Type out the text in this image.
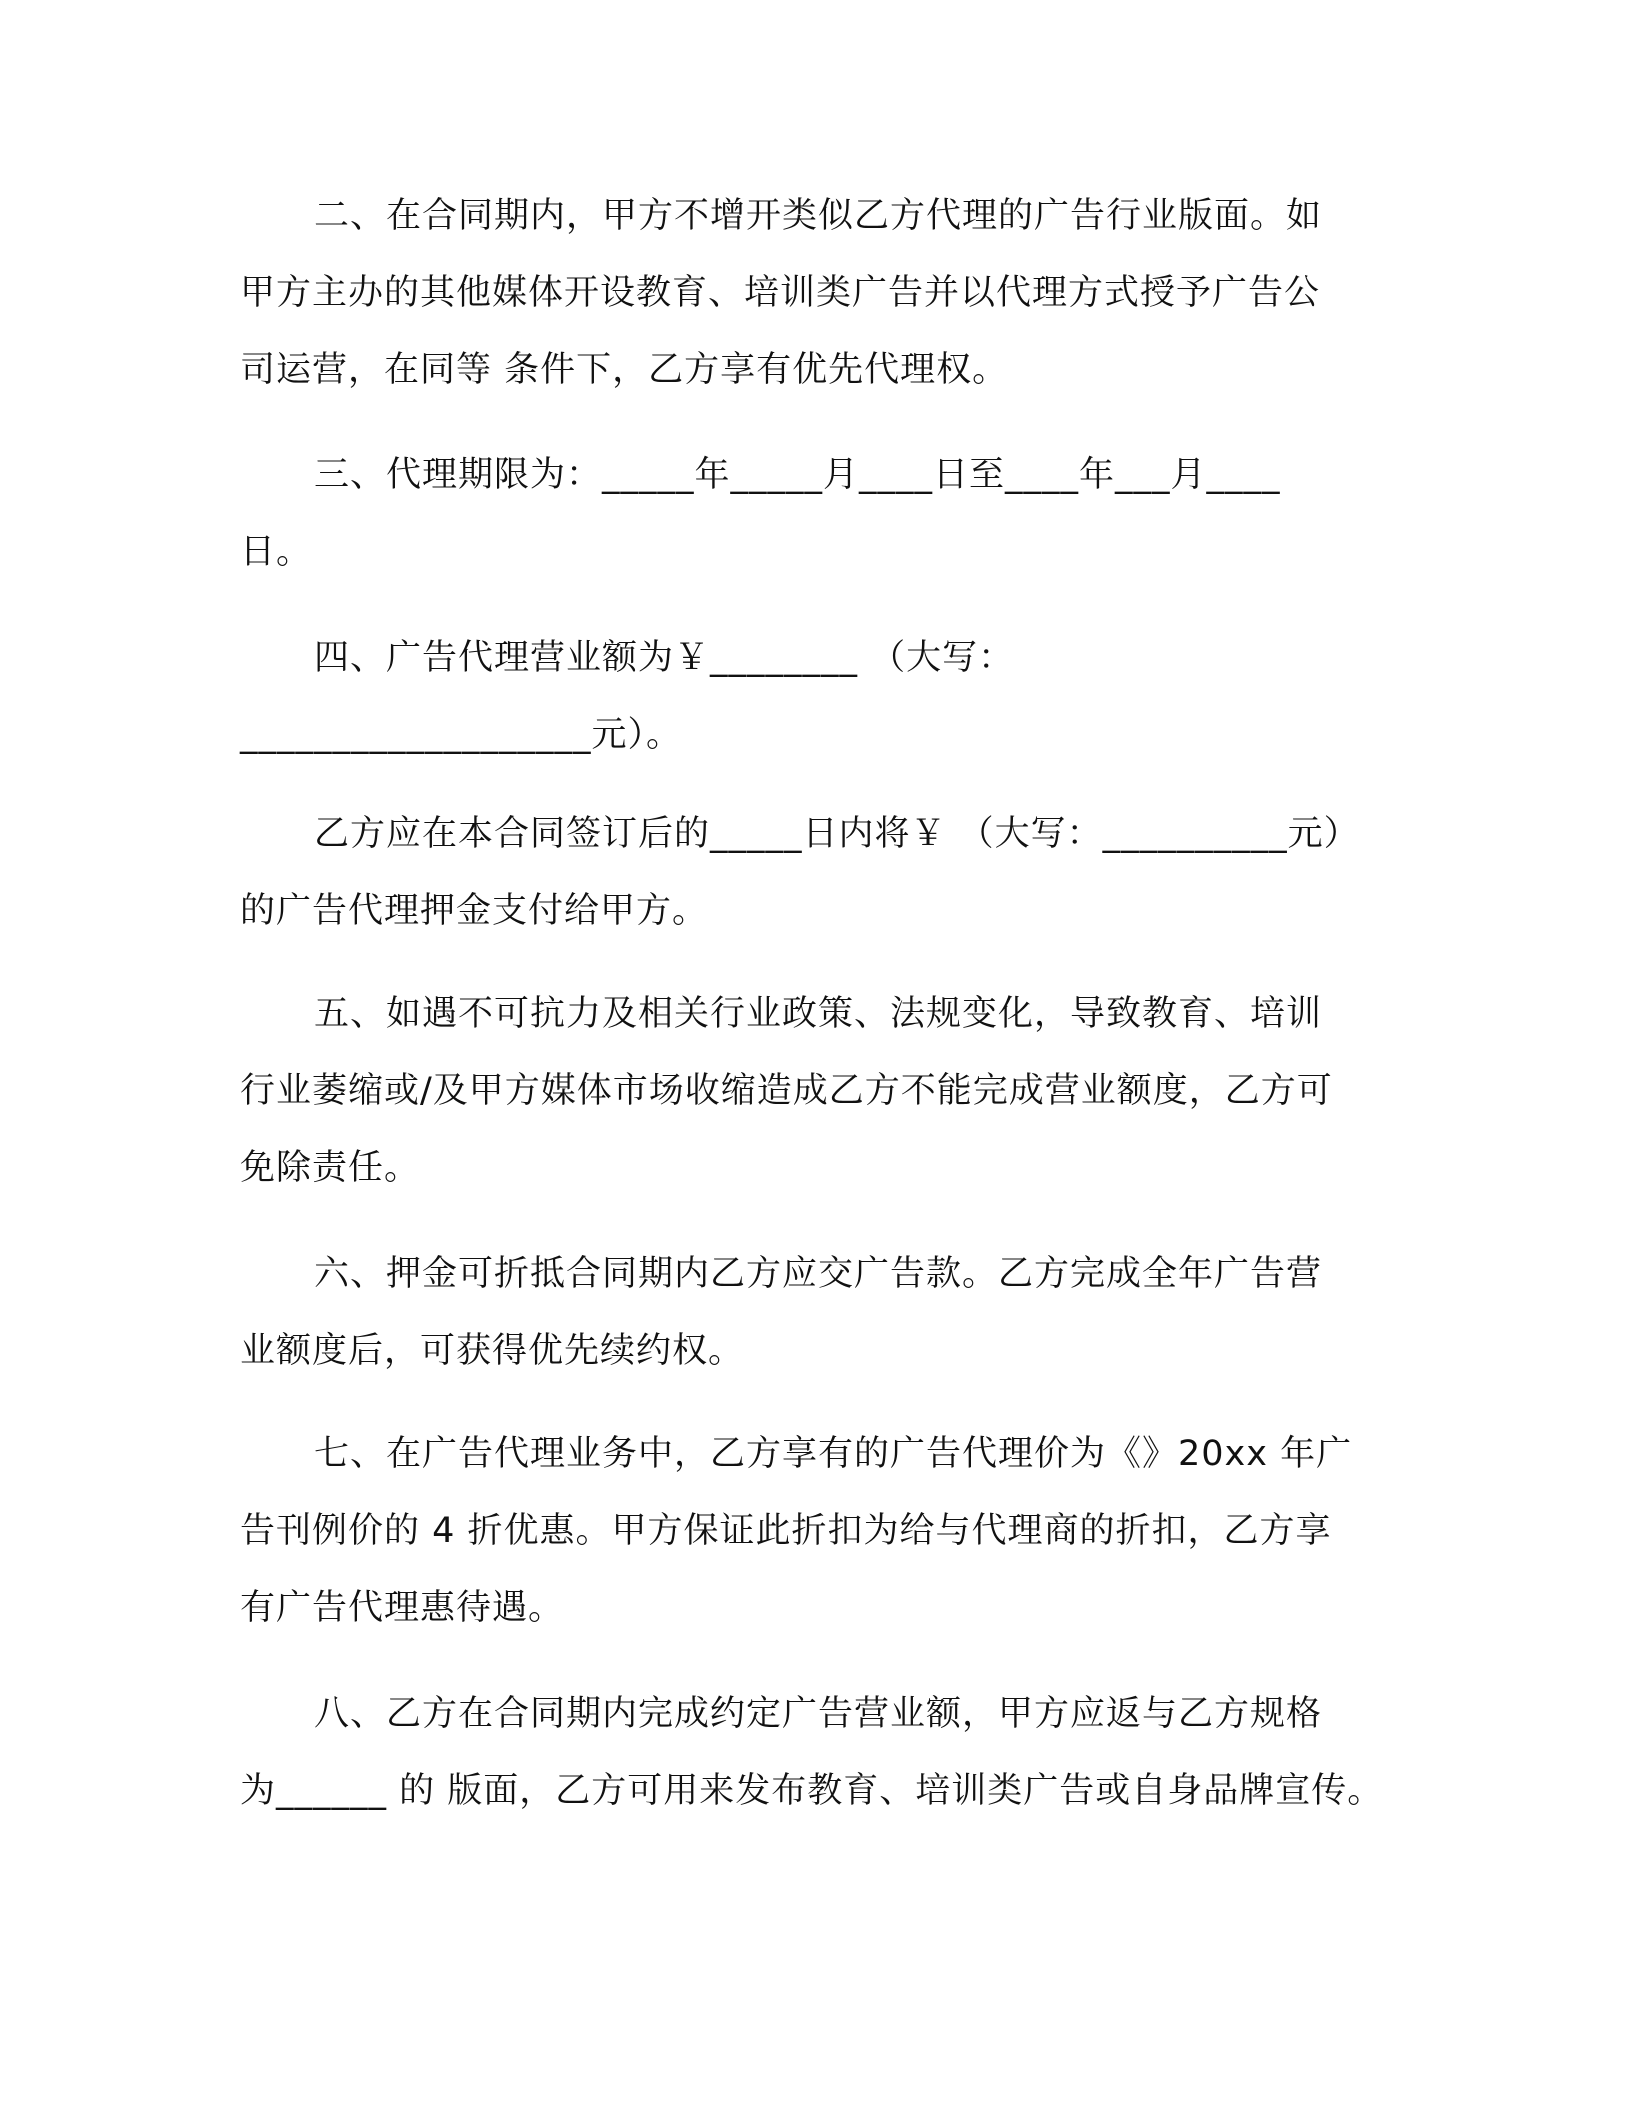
二、在合同期内，甲方不增开类似乙方代理的广告行业版面。如
甲方主办的其他媒体开设教育、培训类广告并以代理方式授予广告公
司运营，在同等 条件下，乙方享有优先代理权。

三、代理期限为：_____年_____月____日至____年___月____
日。

四、广告代理营业额为￥________ （大写：
___________________元）。

乙方应在本合同签订后的_____日内将￥ （大写：__________元）
的广告代理押金支付给甲方。

五、如遇不可抗力及相关行业政策、法规变化，导致教育、培训
行业萎缩或/及甲方媒体市场收缩造成乙方不能完成营业额度，乙方可
免除责任。

六、押金可折抵合同期内乙方应交广告款。乙方完成全年广告营
业额度后，可获得优先续约权。

七、在广告代理业务中，乙方享有的广告代理价为《》20xx 年广
告刊例价的 4 折优惠。甲方保证此折扣为给与代理商的折扣，乙方享
有广告代理惠待遇。

八、乙方在合同期内完成约定广告营业额，甲方应返与乙方规格
为______ 的 版面，乙方可用来发布教育、培训类广告或自身品牌宣传。
